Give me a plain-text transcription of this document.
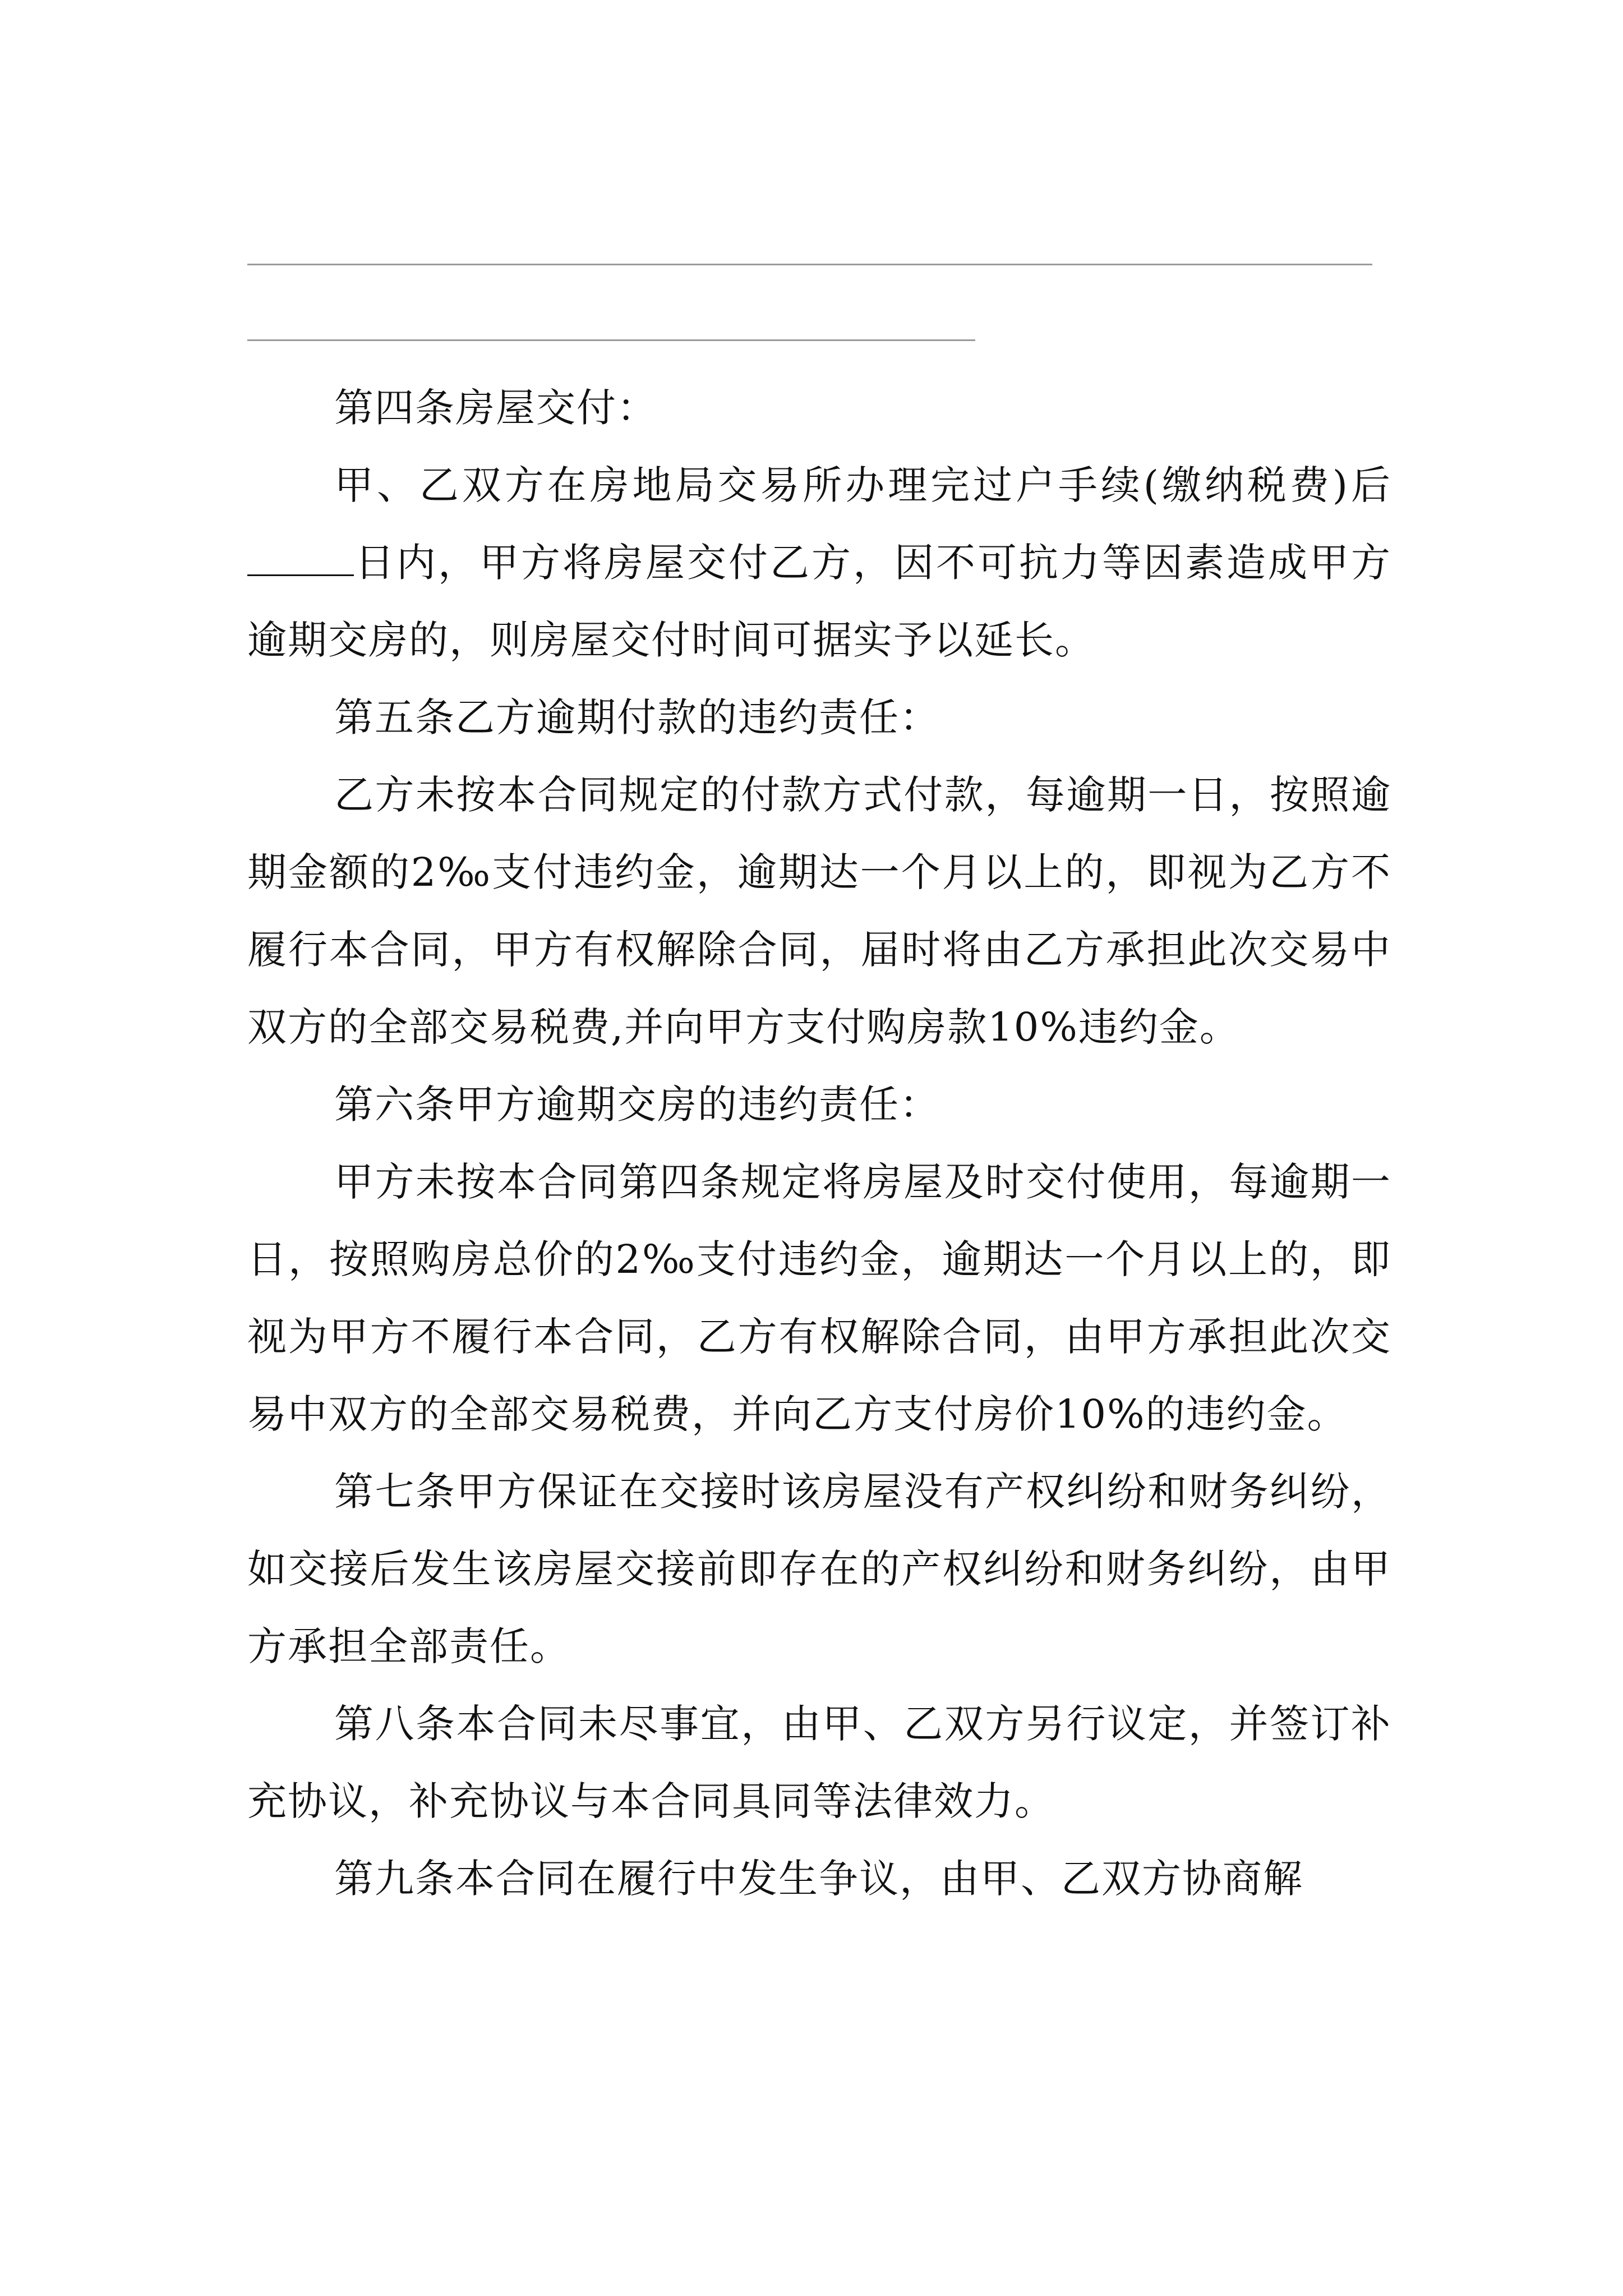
第四条房屋交付：

甲、乙双方在房地局交易所办理完过户手续(缴纳税费)后日内，甲方将房屋交付乙方，因不可抗力等因素造成甲方逾期交房的，则房屋交付时间可据实予以延长。

第五条乙方逾期付款的违约责任：

乙方未按本合同规定的付款方式付款，每逾期一日，按照逾期金额的2‰支付违约金，逾期达一个月以上的，即视为乙方不履行本合同，甲方有权解除合同，届时将由乙方承担此次交易中双方的全部交易税费,并向甲方支付购房款10%违约金。

第六条甲方逾期交房的违约责任：

甲方未按本合同第四条规定将房屋及时交付使用，每逾期一日，按照购房总价的2‰支付违约金，逾期达一个月以上的，即视为甲方不履行本合同，乙方有权解除合同，由甲方承担此次交易中双方的全部交易税费，并向乙方支付房价10%的违约金。

第七条甲方保证在交接时该房屋没有产权纠纷和财务纠纷，如交接后发生该房屋交接前即存在的产权纠纷和财务纠纷，由甲方承担全部责任。

第八条本合同未尽事宜，由甲、乙双方另行议定，并签订补充协议，补充协议与本合同具同等法律效力。

第九条本合同在履行中发生争议，由甲、乙双方协商解
